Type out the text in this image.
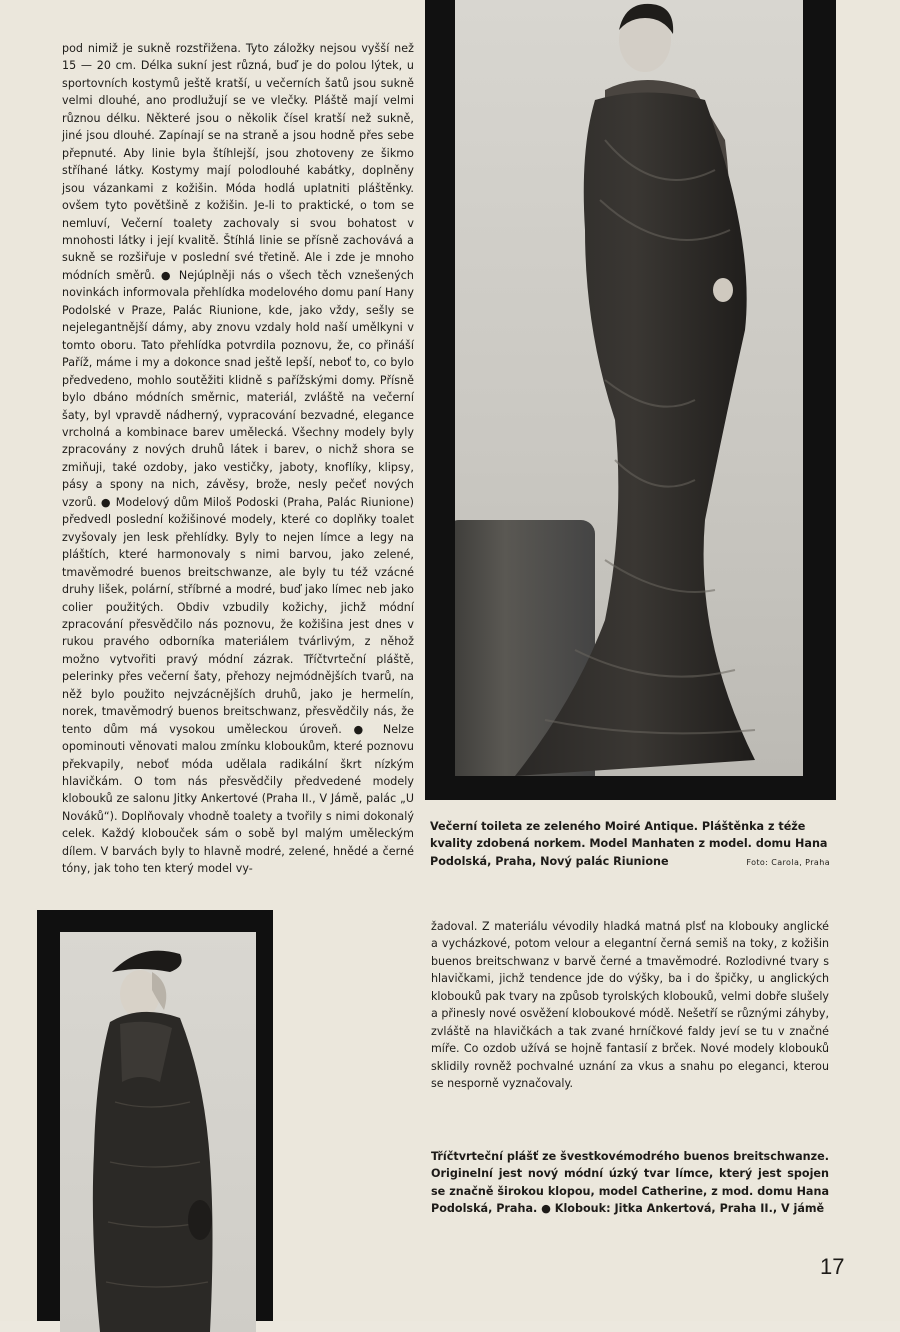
pod nimiž je sukně rozstřižena. Tyto záložky nejsou vyšší než 15 — 20 cm. Délka sukní jest různá, buď je do polou lýtek, u sportovních kostymů ještě kratší, u večerních šatů jsou sukně velmi dlouhé, ano prodlužují se ve vlečky. Pláště mají velmi různou délku. Některé jsou o několik čísel kratší než sukně, jiné jsou dlouhé. Zapínají se na straně a jsou hodně přes sebe přepnuté. Aby linie byla štíhlejší, jsou zhotoveny ze šikmo stříhané látky. Kostymy mají polodlouhé kabátky, doplněny jsou vázankami z kožišin. Móda hodlá uplatniti pláštěnky. ovšem tyto povětšině z kožišin. Je-li to praktické, o tom se nemluví, Večerní toalety zachovaly si svou bohatost v mnohosti látky i její kvalitě. Štíhlá linie se přísně zachovává a sukně se rozšiřuje v poslední své třetině. Ale i zde je mnoho módních směrů. ● Nejúplněji nás o všech těch vznešených novinkách informovala přehlídka modelového domu paní Hany Podolské v Praze, Palác Riunione, kde, jako vždy, sešly se nejelegantnější dámy, aby znovu vzdaly hold naší umělkyni v tomto oboru. Tato přehlídka potvrdila poznovu, že, co přináší Paříž, máme i my a dokonce snad ještě lepší, neboť to, co bylo předvedeno, mohlo soutěžiti klidně s pařížskými domy. Přísně bylo dbáno módních směrnic, materiál, zvláště na večerní šaty, byl vpravdě nádherný, vypracování bezvadné, elegance vrcholná a kombinace barev umělecká. Všechny modely byly zpracovány z nových druhů látek i barev, o nichž shora se zmiňuji, také ozdoby, jako vestičky, jaboty, knoflíky, klipsy, pásy a spony na nich, závěsy, brože, nesly pečeť nových vzorů. ● Modelový dům Miloš Podoski (Praha, Palác Riunione) předvedl poslední kožišinové modely, které co doplňky toalet zvyšovaly jen lesk přehlídky. Byly to nejen límce a legy na pláštích, které harmonovaly s nimi barvou, jako zelené, tmavěmodré buenos breitschwanze, ale byly tu též vzácné druhy lišek, polární, stříbrné a modré, buď jako límec neb jako colier použitých. Obdiv vzbudily kožichy, jichž módní zpracování přesvědčilo nás poznovu, že kožišina jest dnes v rukou pravého odborníka materiálem tvárlivým, z něhož možno vytvořiti pravý módní zázrak. Tříčtvrteční pláště, pelerinky přes večerní šaty, přehozy nejmódnějších tvarů, na něž bylo použito nejvzácnějších druhů, jako je hermelín, norek, tmavěmodrý buenos breitschwanz, přesvědčily nás, že tento dům má vysokou uměleckou úroveň. ● Nelze opominouti věnovati malou zmínku kloboukům, které poznovu překvapily, neboť móda udělala radikální škrt nízkým hlavičkám. O tom nás přesvědčily předvedené modely klobouků ze salonu Jitky Ankertové (Praha II., V Jámě, palác „U Nováků“). Doplňovaly vhodně toalety a tvořily s nimi dokonalý celek. Každý klobouček sám o sobě byl malým uměleckým dílem. V barvách byly to hlavně modré, zelené, hnědé a černé tóny, jak toho ten který model vy-

Večerní toileta ze zeleného Moiré Antique. Pláštěnka z téže kvality zdobená norkem. Model Manhaten z model. domu Hana Podolská, Praha, Nový palác Riunione	Foto: Carola, Praha

žadoval. Z materiálu vévodily hladká matná plsť na klobouky anglické a vycházkové, potom velour a elegantní černá semiš na toky, z kožišin buenos breitschwanz v barvě černé a tmavěmodré. Rozlodivné tvary s hlavičkami, jichž tendence jde do výšky, ba i do špičky, u anglických klobouků pak tvary na způsob tyrolských klobouků, velmi dobře slušely a přinesly nové osvěžení kloboukové módě. Nešetří se různými záhyby, zvláště na hlavičkách a tak zvané hrníčkové faldy jeví se tu v značné míře. Co ozdob užívá se hojně fantasií z brček. Nové modely klobouků sklidily rovněž pochvalné uznání za vkus a snahu po eleganci, kterou se nesporně vyznačovaly.

Tříčtvrteční plášť ze švestkovémodrého buenos breitschwanze. Originelní jest nový módní úzký tvar límce, který jest spojen se značně širokou klopou, model Catherine, z mod. domu Hana Podolská, Praha. ● Klobouk: Jitka Ankertová, Praha II., V jámě
17
